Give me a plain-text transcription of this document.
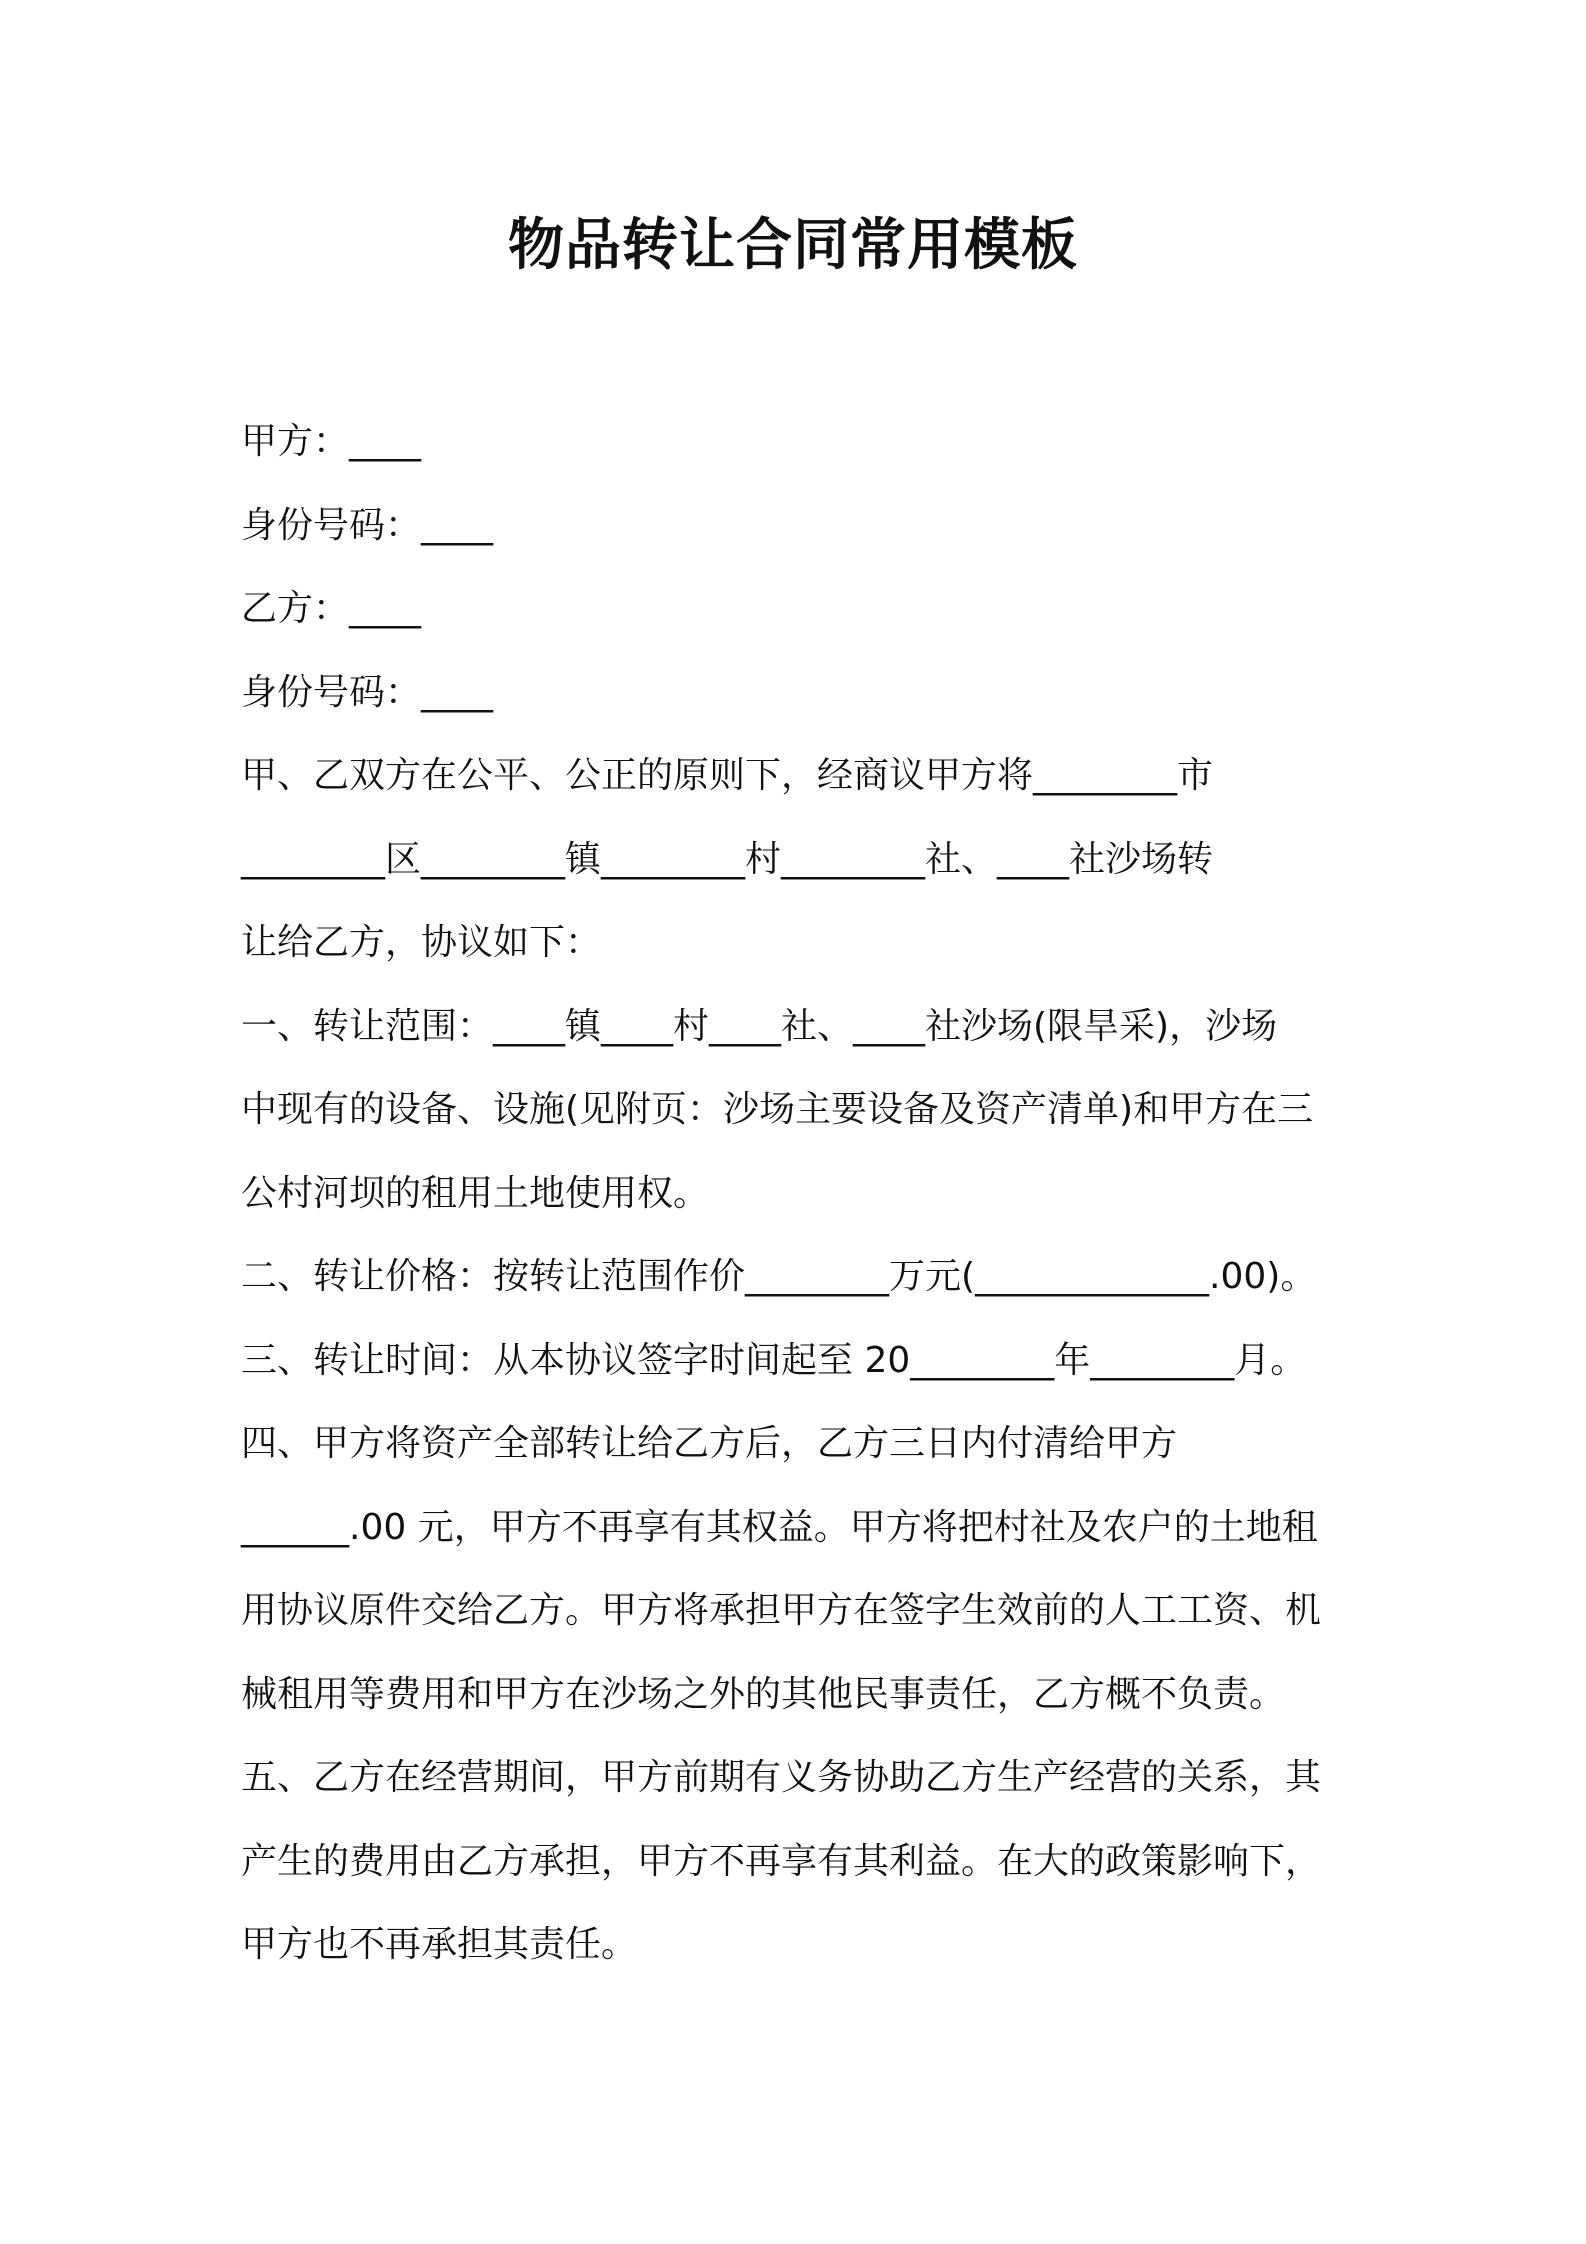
物品转让合同常用模板
甲方：____
身份号码：____
乙方：____
身份号码：____
甲、乙双方在公平、公正的原则下，经商议甲方将________市
________区________镇________村________社、____社沙场转
让给乙方，协议如下：
一、转让范围：____镇____村____社、____社沙场(限旱采)，沙场
中现有的设备、设施(见附页：沙场主要设备及资产清单)和甲方在三
公村河坝的租用土地使用权。
二、转让价格：按转让范围作价________万元(_____________.00)。
三、转让时间：从本协议签字时间起至 20________年________月。
四、甲方将资产全部转让给乙方后，乙方三日内付清给甲方
______.00 元，甲方不再享有其权益。甲方将把村社及农户的土地租
用协议原件交给乙方。甲方将承担甲方在签字生效前的人工工资、机
械租用等费用和甲方在沙场之外的其他民事责任，乙方概不负责。
五、乙方在经营期间，甲方前期有义务协助乙方生产经营的关系，其
产生的费用由乙方承担，甲方不再享有其利益。在大的政策影响下，
甲方也不再承担其责任。
